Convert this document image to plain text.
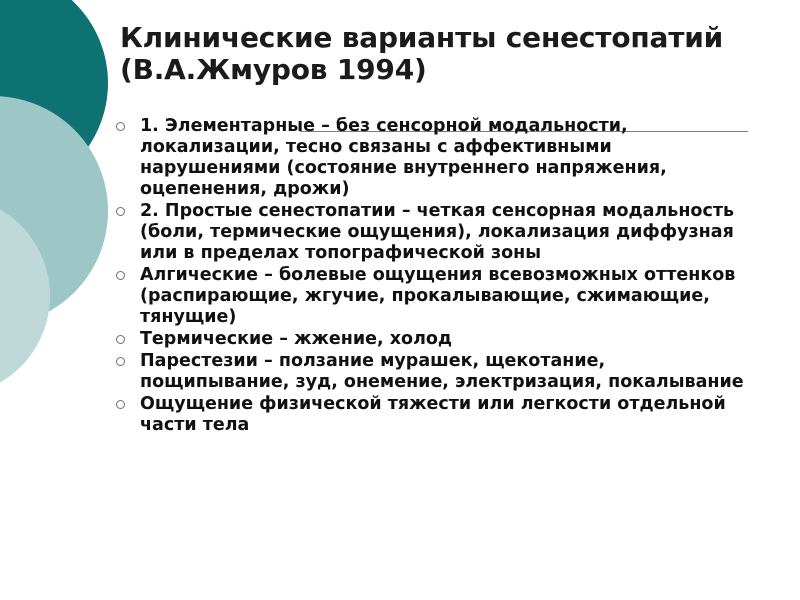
Клинические варианты сенестопатий (В.А.Жмуров 1994)
1. Элементарные – без сенсорной модальности, локализации, тесно связаны с аффективными нарушениями (состояние внутреннего напряжения, оцепенения, дрожи)
2. Простые сенестопатии – четкая сенсорная модальность (боли, термические ощущения), локализация диффузная или в пределах топографической зоны
Алгические – болевые ощущения всевозможных оттенков (распирающие, жгучие, прокалывающие, сжимающие, тянущие)
Термические – жжение, холод
Парестезии – ползание мурашек, щекотание, пощипывание, зуд, онемение, электризация, покалывание
Ощущение физической тяжести или легкости отдельной части тела
